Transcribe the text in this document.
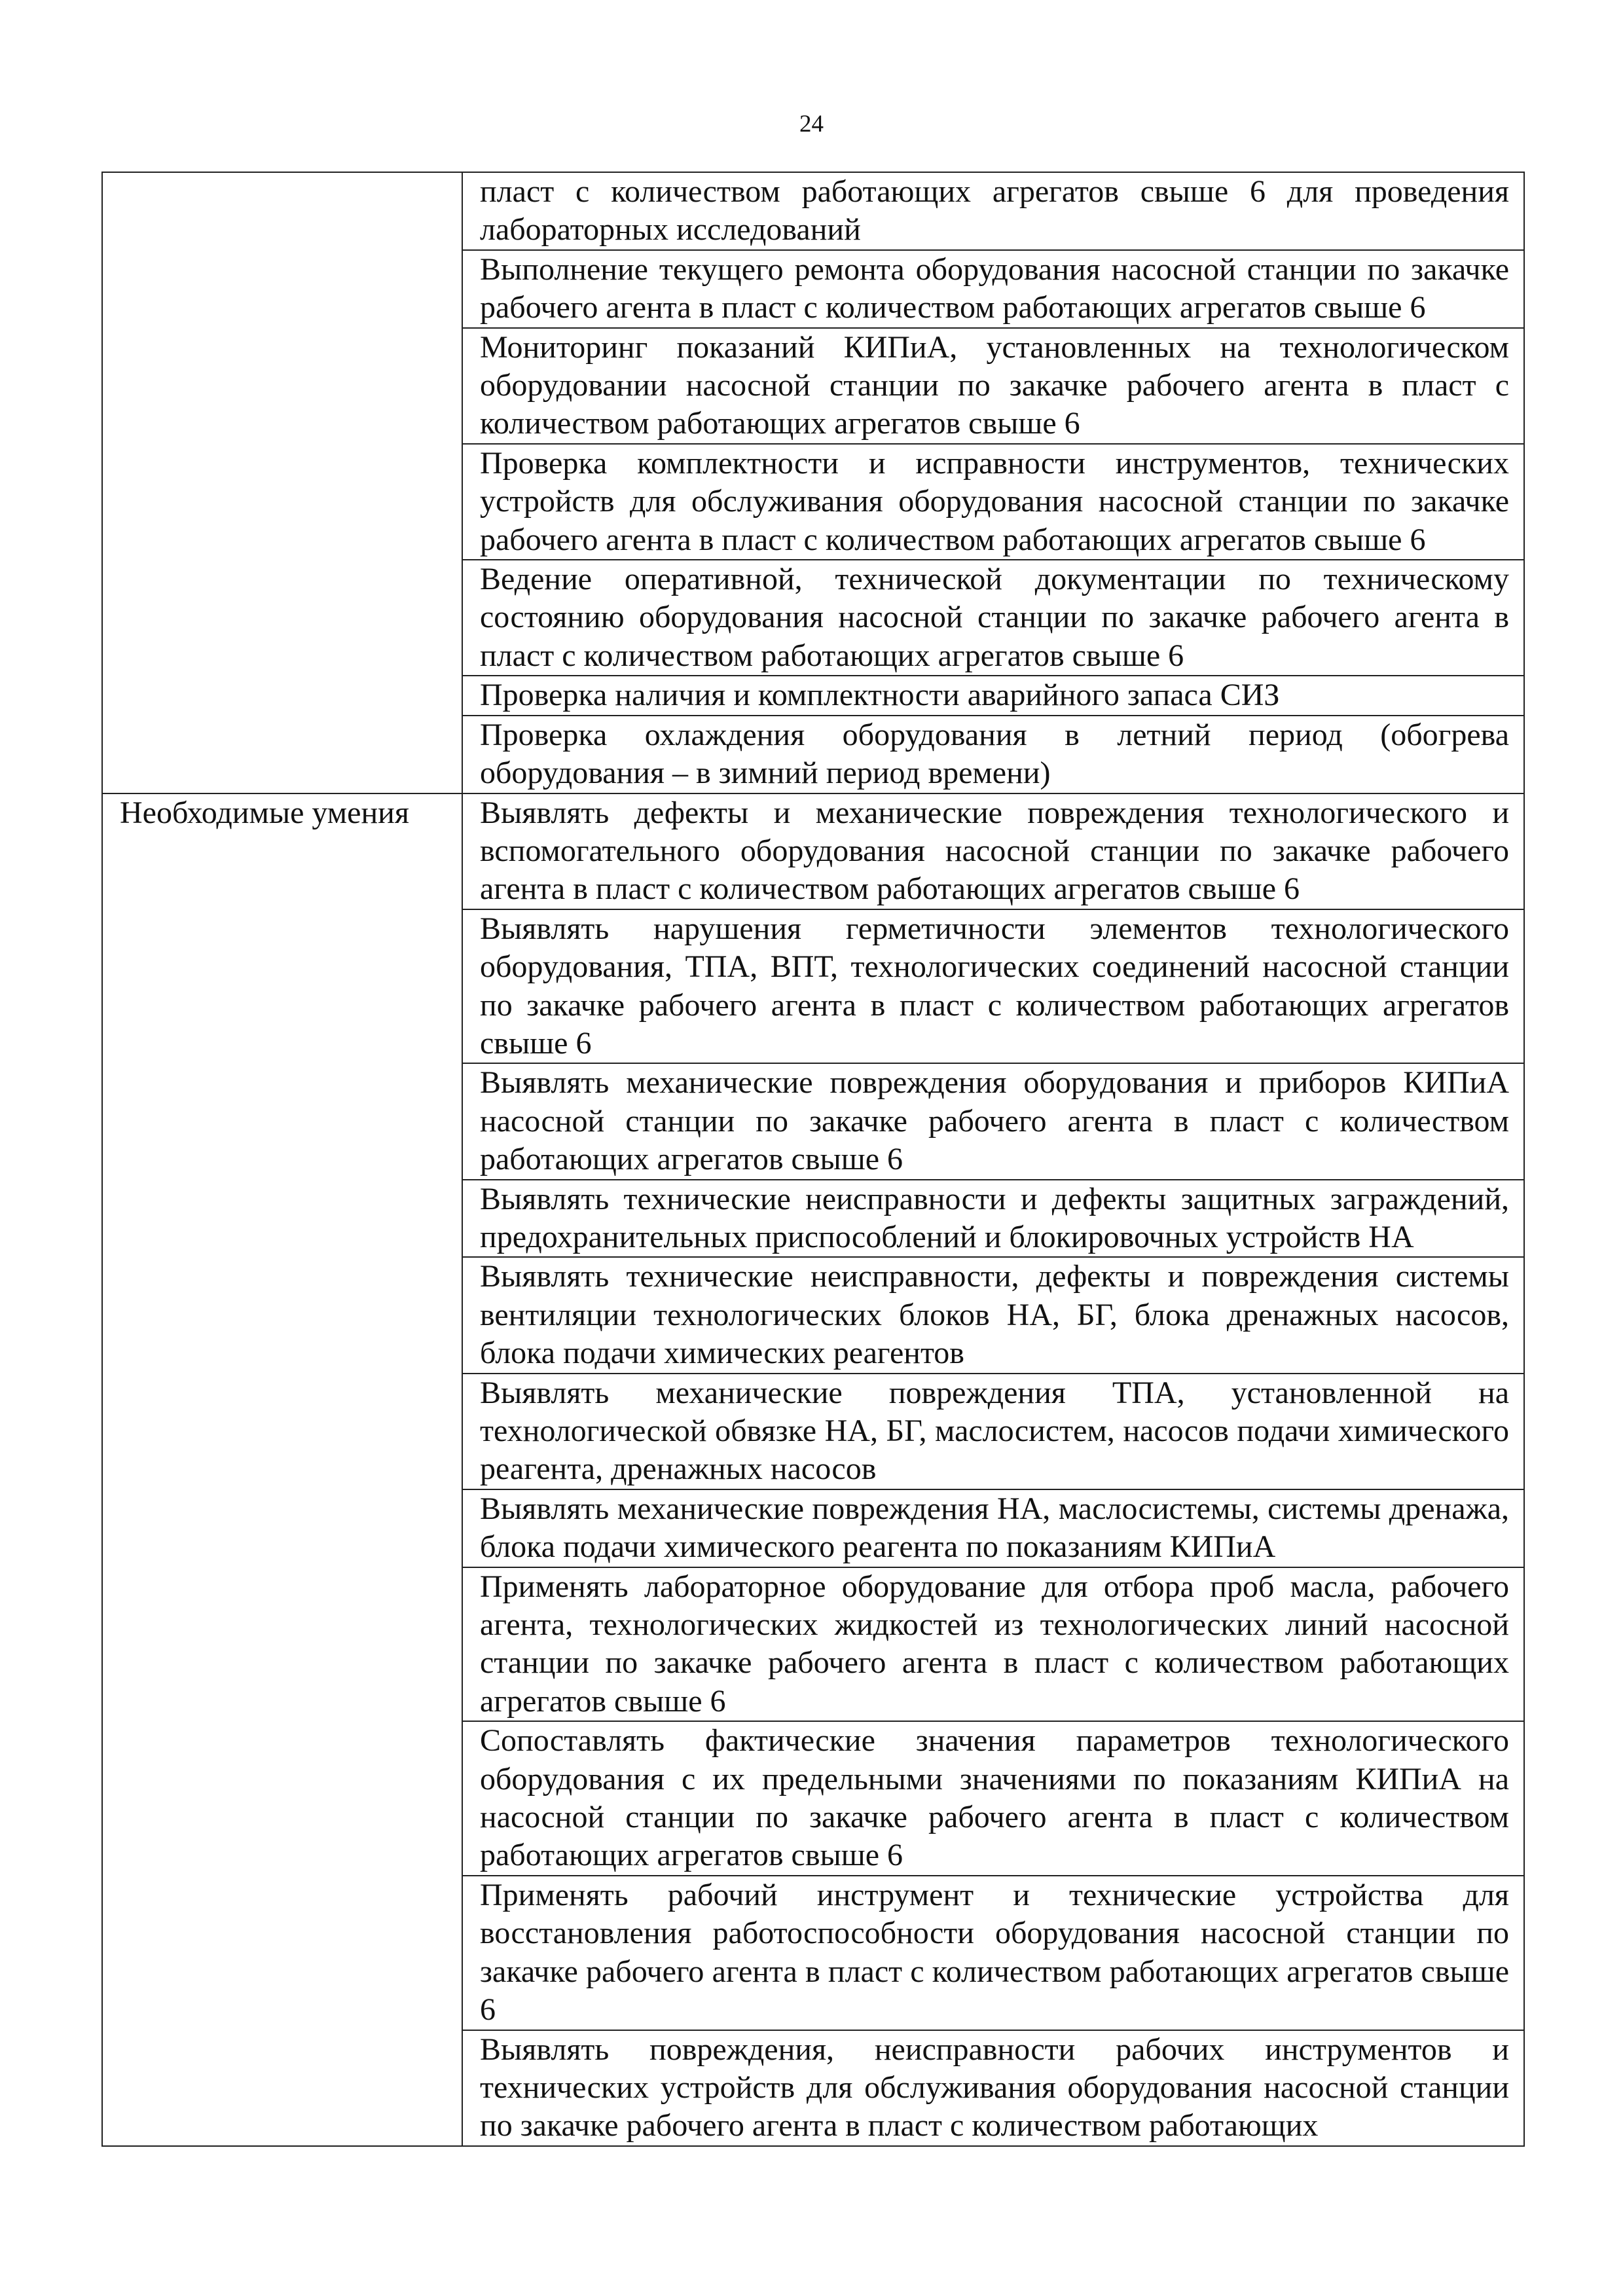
24
	пласт с количеством работающих агрегатов свыше 6 для проведения лабораторных исследований
	Выполнение текущего ремонта оборудования насосной станции по закачке рабочего агента в пласт с количеством работающих агрегатов свыше 6
	Мониторинг показаний КИПиА, установленных на технологическом оборудовании насосной станции по закачке рабочего агента в пласт с количеством работающих агрегатов свыше 6
	Проверка комплектности и исправности инструментов, технических устройств для обслуживания оборудования насосной станции по закачке рабочего агента в пласт с количеством работающих агрегатов свыше 6
	Ведение оперативной, технической документации по техническому состоянию оборудования насосной станции по закачке рабочего агента в пласт с количеством работающих агрегатов свыше 6
	Проверка наличия и комплектности аварийного запаса СИЗ
	Проверка охлаждения оборудования в летний период (обогрева оборудования – в зимний период времени)
Необходимые умения	Выявлять дефекты и механические повреждения технологического и вспомогательного оборудования насосной станции по закачке рабочего агента в пласт с количеством работающих агрегатов свыше 6
	Выявлять нарушения герметичности элементов технологического оборудования, ТПА, ВПТ, технологических соединений насосной станции по закачке рабочего агента в пласт с количеством работающих агрегатов свыше 6
	Выявлять механические повреждения оборудования и приборов КИПиА насосной станции по закачке рабочего агента в пласт с количеством работающих агрегатов свыше 6
	Выявлять технические неисправности и дефекты защитных заграждений, предохранительных приспособлений и блокировочных устройств НА
	Выявлять технические неисправности, дефекты и повреждения системы вентиляции технологических блоков НА, БГ, блока дренажных насосов, блока подачи химических реагентов
	Выявлять механические повреждения ТПА, установленной на технологической обвязке НА, БГ, маслосистем, насосов подачи химического реагента, дренажных насосов
	Выявлять механические повреждения НА, маслосистемы, системы дренажа, блока подачи химического реагента по показаниям КИПиА
	Применять лабораторное оборудование для отбора проб масла, рабочего агента, технологических жидкостей из технологических линий насосной станции по закачке рабочего агента в пласт с количеством работающих агрегатов свыше 6
	Сопоставлять фактические значения параметров технологического оборудования с их предельными значениями по показаниям КИПиА на насосной станции по закачке рабочего агента в пласт с количеством работающих агрегатов свыше 6
	Применять рабочий инструмент и технические устройства для восстановления работоспособности оборудования насосной станции по закачке рабочего агента в пласт с количеством работающих агрегатов свыше 6
	Выявлять повреждения, неисправности рабочих инструментов и технических устройств для обслуживания оборудования насосной станции по закачке рабочего агента в пласт с количеством работающих
